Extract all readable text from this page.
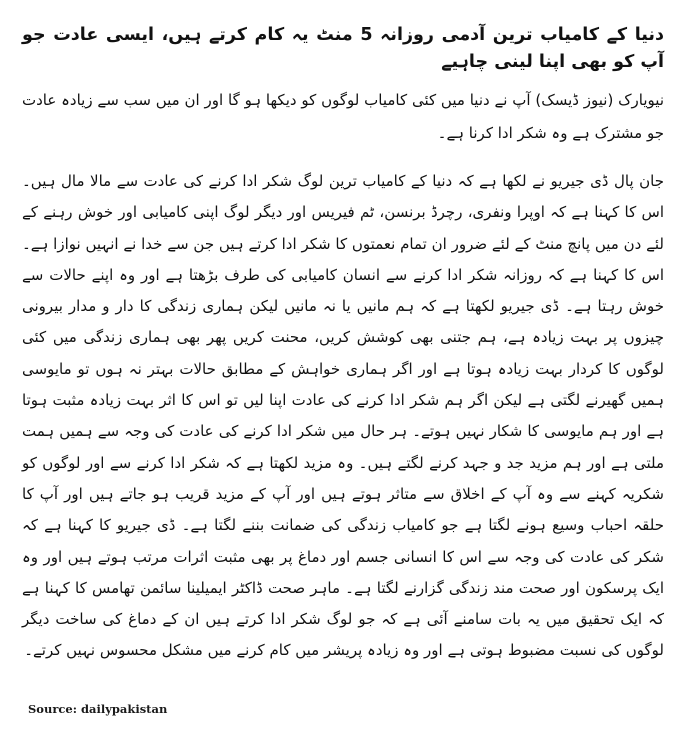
دنیا کے کامیاب ترین آدمی روزانہ 5 منٹ یہ کام کرتے ہیں، ایسی عادت جو آپ کو بھی اپنا لینی چاہیے

نیویارک (نیوز ڈیسک) آپ نے دنیا میں کئی کامیاب لوگوں کو دیکھا ہو گا اور ان میں سب سے زیادہ عادت جو مشترک ہے وہ شکر ادا کرنا ہے۔

جان پال ڈی جیریو نے لکھا ہے کہ دنیا کے کامیاب ترین لوگ شکر ادا کرنے کی عادت سے مالا مال ہیں۔ اس کا کہنا ہے کہ اوپرا ونفری، رچرڈ برنسن، ٹم فیریس اور دیگر لوگ اپنی کامیابی اور خوش رہنے کے لئے دن میں پانچ منٹ کے لئے ضرور ان تمام نعمتوں کا شکر ادا کرتے ہیں جن سے خدا نے انہیں نوازا ہے۔ اس کا کہنا ہے کہ روزانہ شکر ادا کرنے سے انسان کامیابی کی طرف بڑھتا ہے اور وہ اپنے حالات سے خوش رہتا ہے۔ ڈی جیریو لکھتا ہے کہ ہم مانیں یا نہ مانیں لیکن ہماری زندگی کا دار و مدار بیرونی چیزوں پر بہت زیادہ ہے، ہم جتنی بھی کوشش کریں، محنت کریں پھر بھی ہماری زندگی میں کئی لوگوں کا کردار بہت زیادہ ہوتا ہے اور اگر ہماری خواہش کے مطابق حالات بہتر نہ ہوں تو مایوسی ہمیں گھیرنے لگتی ہے لیکن اگر ہم شکر ادا کرنے کی عادت اپنا لیں تو اس کا اثر بہت زیادہ مثبت ہوتا ہے اور ہم مایوسی کا شکار نہیں ہوتے۔ ہر حال میں شکر ادا کرنے کی عادت کی وجہ سے ہمیں ہمت ملتی ہے اور ہم مزید جد و جہد کرنے لگتے ہیں۔ وہ مزید لکھتا ہے کہ شکر ادا کرنے سے اور لوگوں کو شکریہ کہنے سے وہ آپ کے اخلاق سے متاثر ہوتے ہیں اور آپ کے مزید قریب ہو جاتے ہیں اور آپ کا حلقہ احباب وسیع ہونے لگتا ہے جو کامیاب زندگی کی ضمانت بننے لگتا ہے۔ ڈی جیریو کا کہنا ہے کہ شکر کی عادت کی وجہ سے اس کا انسانی جسم اور دماغ پر بھی مثبت اثرات مرتب ہوتے ہیں اور وہ ایک پرسکون اور صحت مند زندگی گزارنے لگتا ہے۔ ماہر صحت ڈاکٹر ایمیلینا سائمن تھامس کا کہنا ہے کہ ایک تحقیق میں یہ بات سامنے آئی ہے کہ جو لوگ شکر ادا کرتے ہیں ان کے دماغ کی ساخت دیگر لوگوں کی نسبت مضبوط ہوتی ہے اور وہ زیادہ پریشر میں کام کرنے میں مشکل محسوس نہیں کرتے۔

Source: dailypakistan
